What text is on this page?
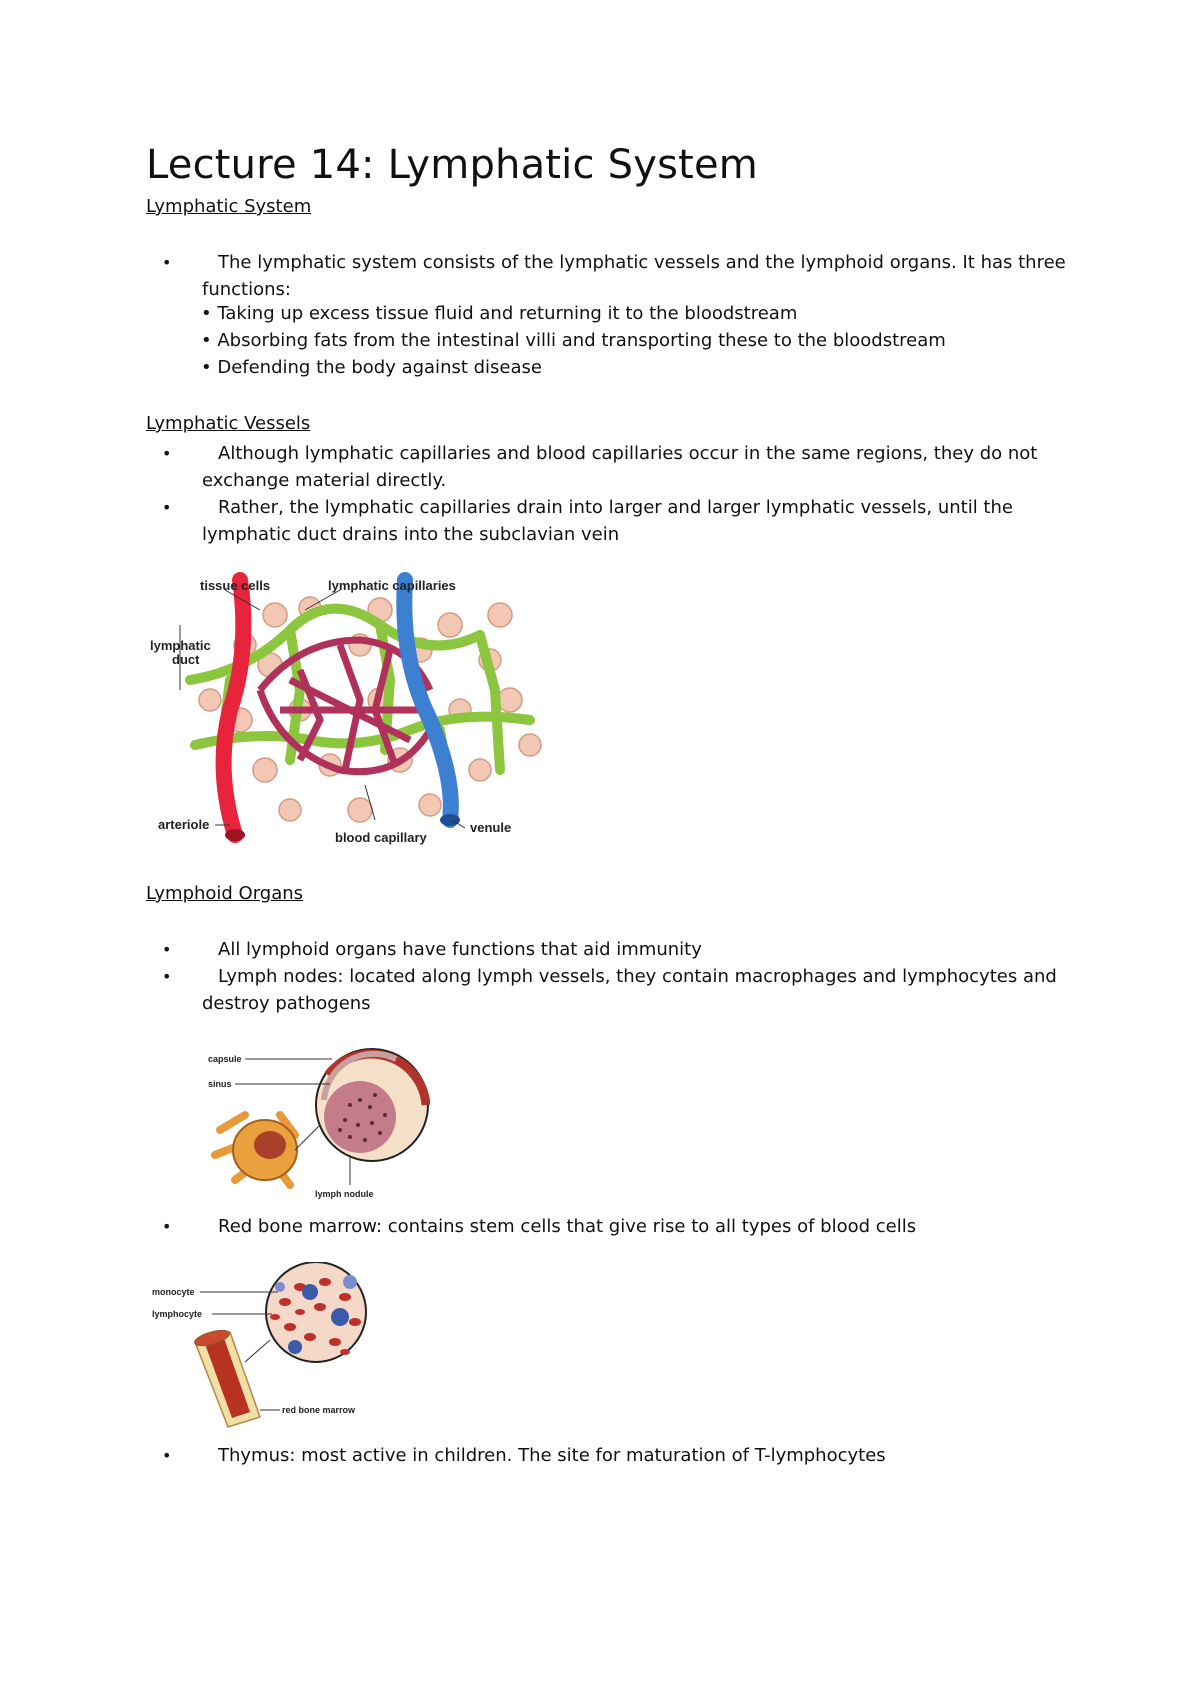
Lecture 14: Lymphatic System
Lymphatic System
•	The lymphatic system consists of the lymphatic vessels and the lymphoid organs. It has three
functions:
• Taking up excess tissue fluid and returning it to the bloodstream
• Absorbing fats from the intestinal villi and transporting these to the bloodstream
• Defending the body against disease
Lymphatic Vessels
•	Although lymphatic capillaries and blood capillaries occur in the same regions, they do not
exchange material directly.
•	Rather, the lymphatic capillaries drain into larger and larger lymphatic vessels, until the
lymphatic duct drains into the subclavian vein
tissue cells	lymphatic capillaries
lymphatic
duct
arteriole
blood capillary
venule
Lymphoid Organs
•	All lymphoid organs have functions that aid immunity
•	Lymph nodes: located along lymph vessels, they contain macrophages and lymphocytes and
destroy pathogens
capsule
sinus
lymph nodule
•	Red bone marrow: contains stem cells that give rise to all types of blood cells
monocyte
lymphocyte
red bone marrow
•	Thymus: most active in children. The site for maturation of T-lymphocytes
